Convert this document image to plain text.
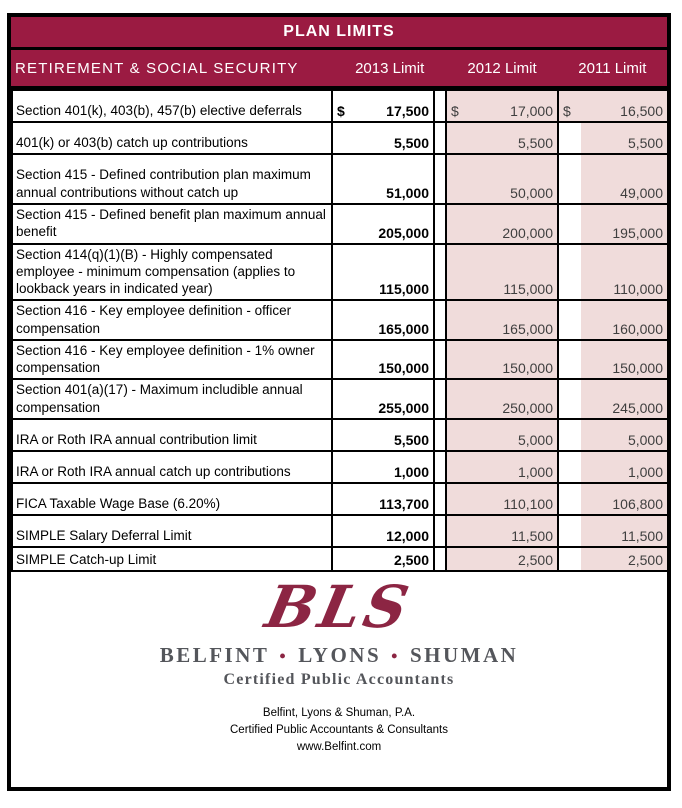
PLAN LIMITS
RETIREMENT & SOCIAL SECURITY	2013 Limit	2012 Limit	2011 Limit
Section 401(k), 403(b), 457(b) elective deferrals	$ 17,500		$ 17,000	$ 16,500

401(k) or 403(b) catch up contributions	5,500		5,500	5,500
Section 415 - Defined contribution plan maximum annual contributions without catch up	51,000		50,000	49,000
Section 415 - Defined benefit plan maximum annual benefit	205,000		200,000	195,000
Section 414(q)(1)(B) - Highly compensated employee - minimum compensation (applies to lookback years in indicated year)	115,000		115,000	110,000
Section 416 - Key employee definition - officer compensation	165,000		165,000	160,000
Section 416 - Key employee definition - 1% owner compensation	150,000		150,000	150,000
Section 401(a)(17) - Maximum includible annual compensation	255,000		250,000	245,000
IRA or Roth IRA annual contribution limit	5,500		5,000	5,000
IRA or Roth IRA annual catch up contributions	1,000		1,000	1,000
FICA Taxable Wage Base (6.20%)	113,700		110,100	106,800
SIMPLE Salary Deferral Limit	12,000		11,500	11,500
SIMPLE Catch-up Limit	2,500		2,500	2,500
BLS
BELFINT • LYONS • SHUMAN
Certified Public Accountants
Belfint, Lyons & Shuman, P.A.
Certified Public Accountants & Consultants
www.Belfint.com
